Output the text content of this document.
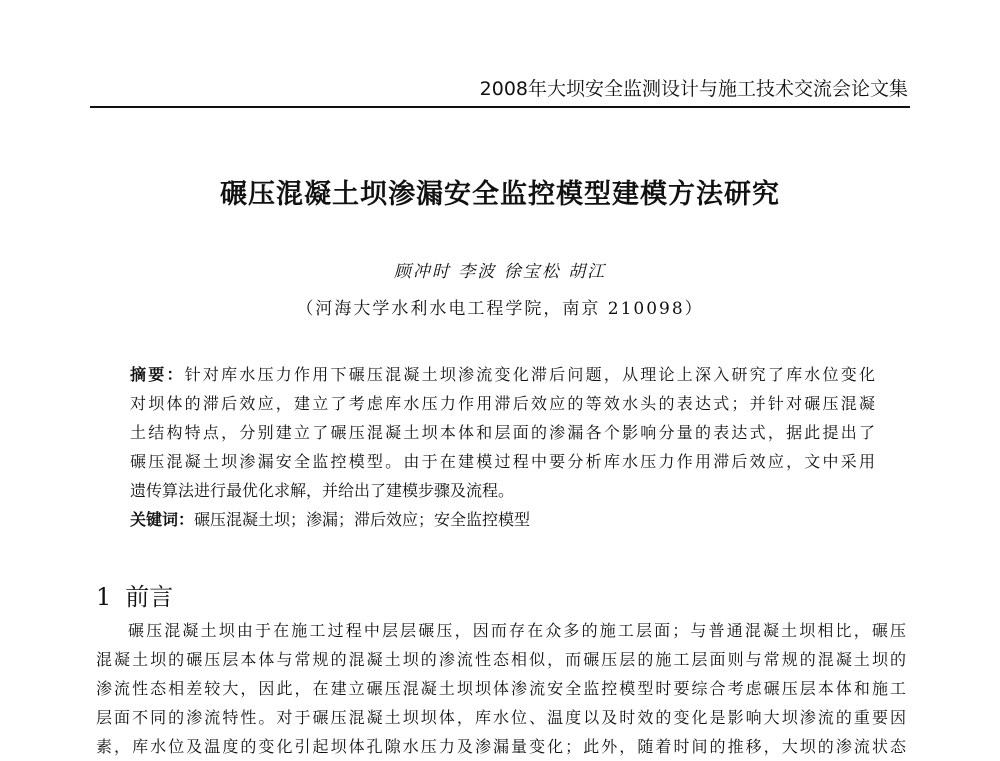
2008年大坝安全监测设计与施工技术交流会论文集
碾压混凝土坝渗漏安全监控模型建模方法研究
顾冲时 李波 徐宝松 胡江
（河海大学水利水电工程学院，南京 210098）
摘要：针对库水压力作用下碾压混凝土坝渗流变化滞后问题，从理论上深入研究了库水位变化
对坝体的滞后效应，建立了考虑库水压力作用滞后效应的等效水头的表达式；并针对碾压混凝
土结构特点，分别建立了碾压混凝土坝本体和层面的渗漏各个影响分量的表达式，据此提出了
碾压混凝土坝渗漏安全监控模型。由于在建模过程中要分析库水压力作用滞后效应，文中采用
遗传算法进行最优化求解，并给出了建模步骤及流程。
关键词：碾压混凝土坝；渗漏；滞后效应；安全监控模型
1 前言
碾压混凝土坝由于在施工过程中层层碾压，因而存在众多的施工层面；与普通混凝土坝相比，碾压
混凝土坝的碾压层本体与常规的混凝土坝的渗流性态相似，而碾压层的施工层面则与常规的混凝土坝的
渗流性态相差较大，因此，在建立碾压混凝土坝坝体渗流安全监控模型时要综合考虑碾压层本体和施工
层面不同的渗流特性。对于碾压混凝土坝坝体，库水位、温度以及时效的变化是影响大坝渗流的重要因
素，库水位及温度的变化引起坝体孔隙水压力及渗漏量变化；此外，随着时间的推移，大坝的渗流状态
